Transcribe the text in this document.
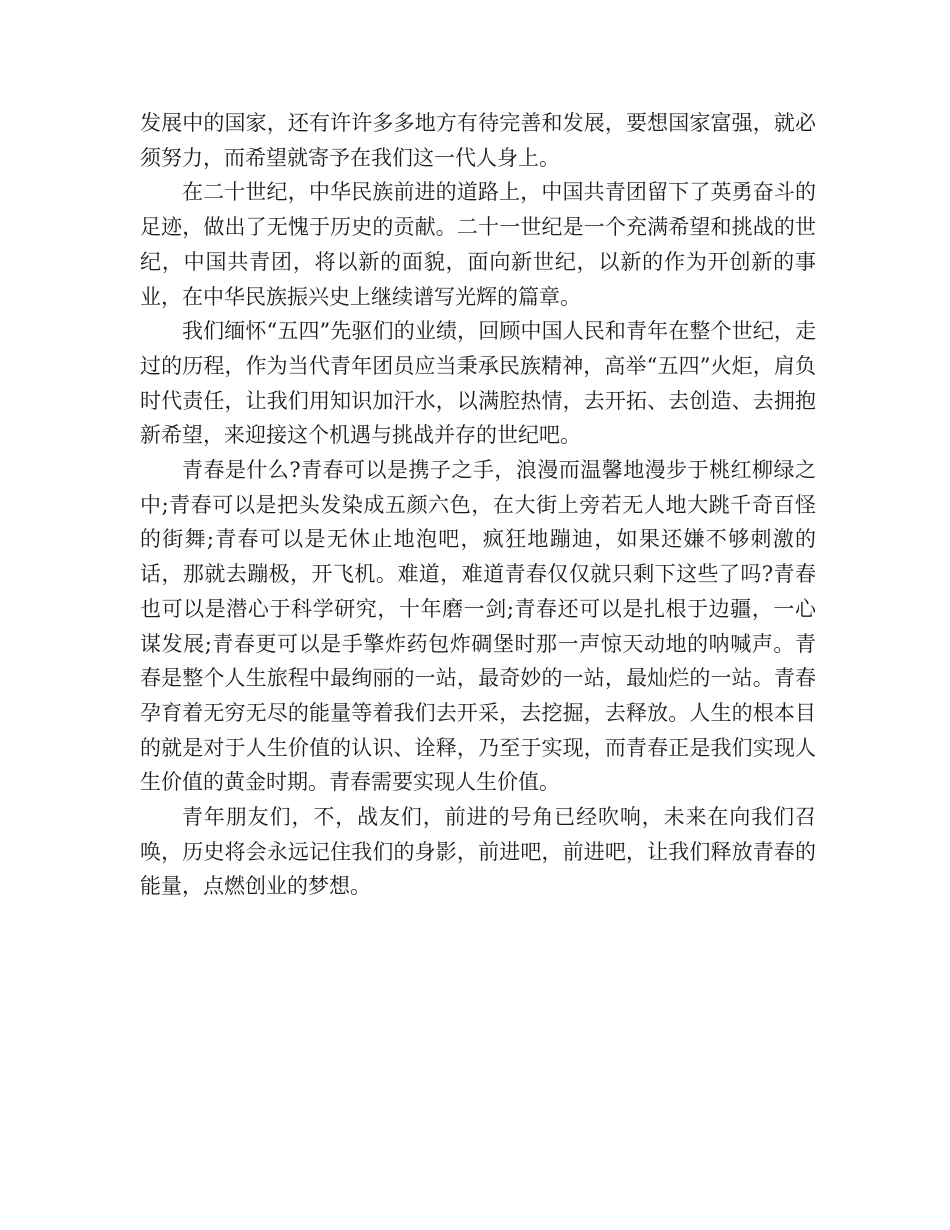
发展中的国家，还有许许多多地方有待完善和发展，要想国家富强，就必须努力，而希望就寄予在我们这一代人身上。

在二十世纪，中华民族前进的道路上，中国共青团留下了英勇奋斗的足迹，做出了无愧于历史的贡献。二十一世纪是一个充满希望和挑战的世纪，中国共青团，将以新的面貌，面向新世纪，以新的作为开创新的事业，在中华民族振兴史上继续谱写光辉的篇章。

我们缅怀“五四”先驱们的业绩，回顾中国人民和青年在整个世纪，走过的历程，作为当代青年团员应当秉承民族精神，高举“五四”火炬，肩负时代责任，让我们用知识加汗水，以满腔热情，去开拓、去创造、去拥抱新希望，来迎接这个机遇与挑战并存的世纪吧。

青春是什么?青春可以是携子之手，浪漫而温馨地漫步于桃红柳绿之中;青春可以是把头发染成五颜六色，在大街上旁若无人地大跳千奇百怪的街舞;青春可以是无休止地泡吧，疯狂地蹦迪，如果还嫌不够刺激的话，那就去蹦极，开飞机。难道，难道青春仅仅就只剩下这些了吗?青春也可以是潜心于科学研究，十年磨一剑;青春还可以是扎根于边疆，一心谋发展;青春更可以是手擎炸药包炸碉堡时那一声惊天动地的呐喊声。青春是整个人生旅程中最绚丽的一站，最奇妙的一站，最灿烂的一站。青春孕育着无穷无尽的能量等着我们去开采，去挖掘，去释放。人生的根本目的就是对于人生价值的认识、诠释，乃至于实现，而青春正是我们实现人生价值的黄金时期。青春需要实现人生价值。

青年朋友们，不，战友们，前进的号角已经吹响，未来在向我们召唤，历史将会永远记住我们的身影，前进吧，前进吧，让我们释放青春的能量，点燃创业的梦想。
